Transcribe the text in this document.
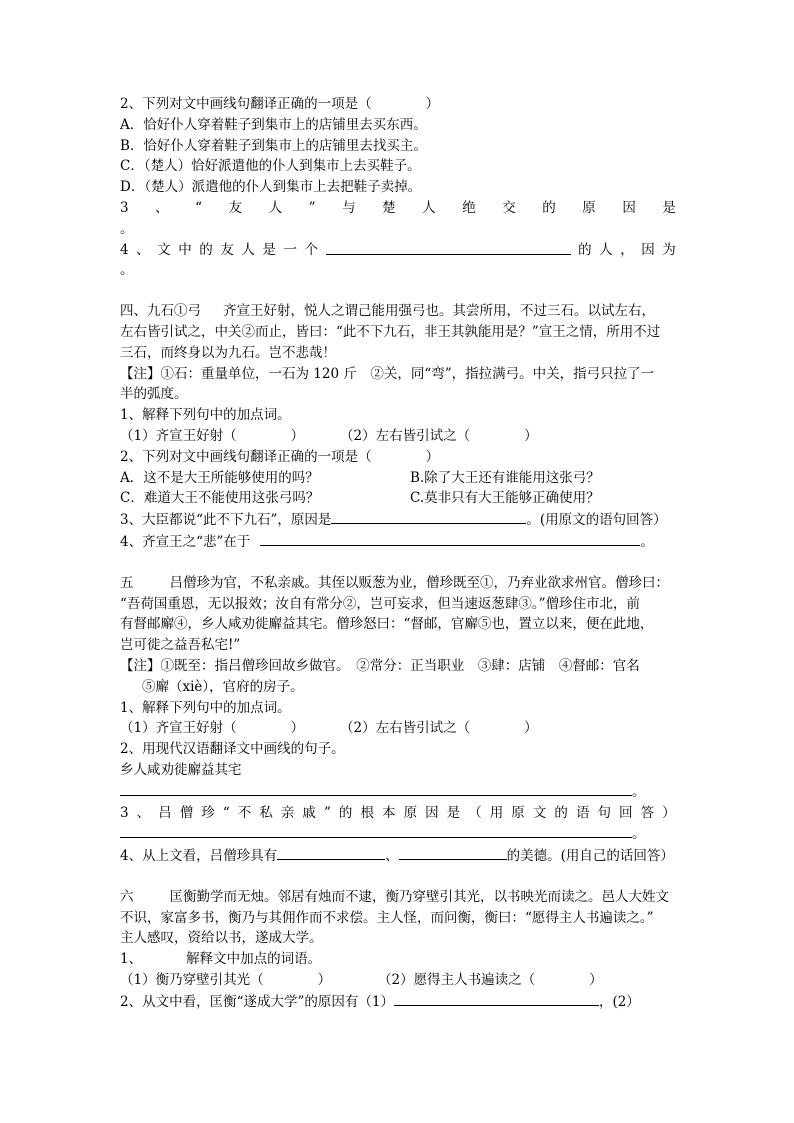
2、下列对文中画线句翻译正确的一项是（　　　　）
A．恰好仆人穿着鞋子到集市上的店铺里去买东西。
B．恰好仆人穿着鞋子到集市上的店铺里去找买主。
C．（楚人）恰好派遣他的仆人到集市上去买鞋子。
D．（楚人）派遣他的仆人到集市上去把鞋子卖掉。
3 、 “ 友 人 ” 与 楚 人 绝 交 的 原 因 是
。
4 、 文 中 的 友 人 是 一 个	的 人 ， 因 为
。
四、九石①弓 齐宣王好射，悦人之谓己能用强弓也。其尝所用，不过三石。以试左右，
左右皆引试之，中关②而止，皆曰：“此不下九石，非王其孰能用是？”宣王之情，所用不过
三石，而终身以为九石。岂不悲哉！
【注】①石：重量单位，一石为 120 斤　②关，同“弯”，指拉满弓。中关，指弓只拉了一
半的弧度。
1、解释下列句中的加点词。
（1）齐宣王好射（　　　　）	（2）左右皆引试之（　　　　）
2、下列对文中画线句翻译正确的一项是（　　　　）
A．这不是大王所能够使用的吗？	B.除了大王还有谁能用这张弓？
C．难道大王不能使用这张弓吗？	C.莫非只有大王能够正确使用？
3、大臣都说“此不下九石”，原因是	。(用原文的语句回答）
4、齐宣王之“悲”在于	。
五	吕僧珍为官，不私亲戚。其侄以贩葱为业，僧珍既至①，乃弃业欲求州官。僧珍曰：
“吾荷国重恩，无以报效；汝自有常分②，岂可妄求，但当速返葱肆③。”僧珍住市北，前
有督邮廨④，乡人咸劝徙廨益其宅。僧珍怒曰：“督邮，官廨⑤也，置立以来，便在此地，
岂可徙之益吾私宅!”
【注】①既至：指吕僧珍回故乡做官。　②常分：正当职业　③肆：店铺　④督邮：官名
⑤廨（xiè），官府的房子。
1、解释下列句中的加点词。
（1）齐宣王好射（　　　　）	（2）左右皆引试之（　　　　）
2、用现代汉语翻译文中画线的句子。
乡人咸劝徙廨益其宅
。
3 、 吕 僧 珍 “ 不 私 亲 戚 ” 的 根 本 原 因 是 （ 用 原 文 的 语 句 回 答 ）
。
4、从上文看，吕僧珍具有	、	的美德。(用自己的话回答）
六	匡衡勤学而无烛。邻居有烛而不逮，衡乃穿壁引其光，以书映光而读之。邑人大姓文
不识，家富多书，衡乃与其佣作而不求偿。主人怪，而问衡，衡曰：“愿得主人书遍读之。”
主人感叹，资给以书，遂成大学。
1、	解释文中加点的词语。
（1）衡乃穿壁引其光（　　　　）	（2）愿得主人书遍读之（　　　　）
2、从文中看，匡衡“遂成大学”的原因有（1）	，(2）
